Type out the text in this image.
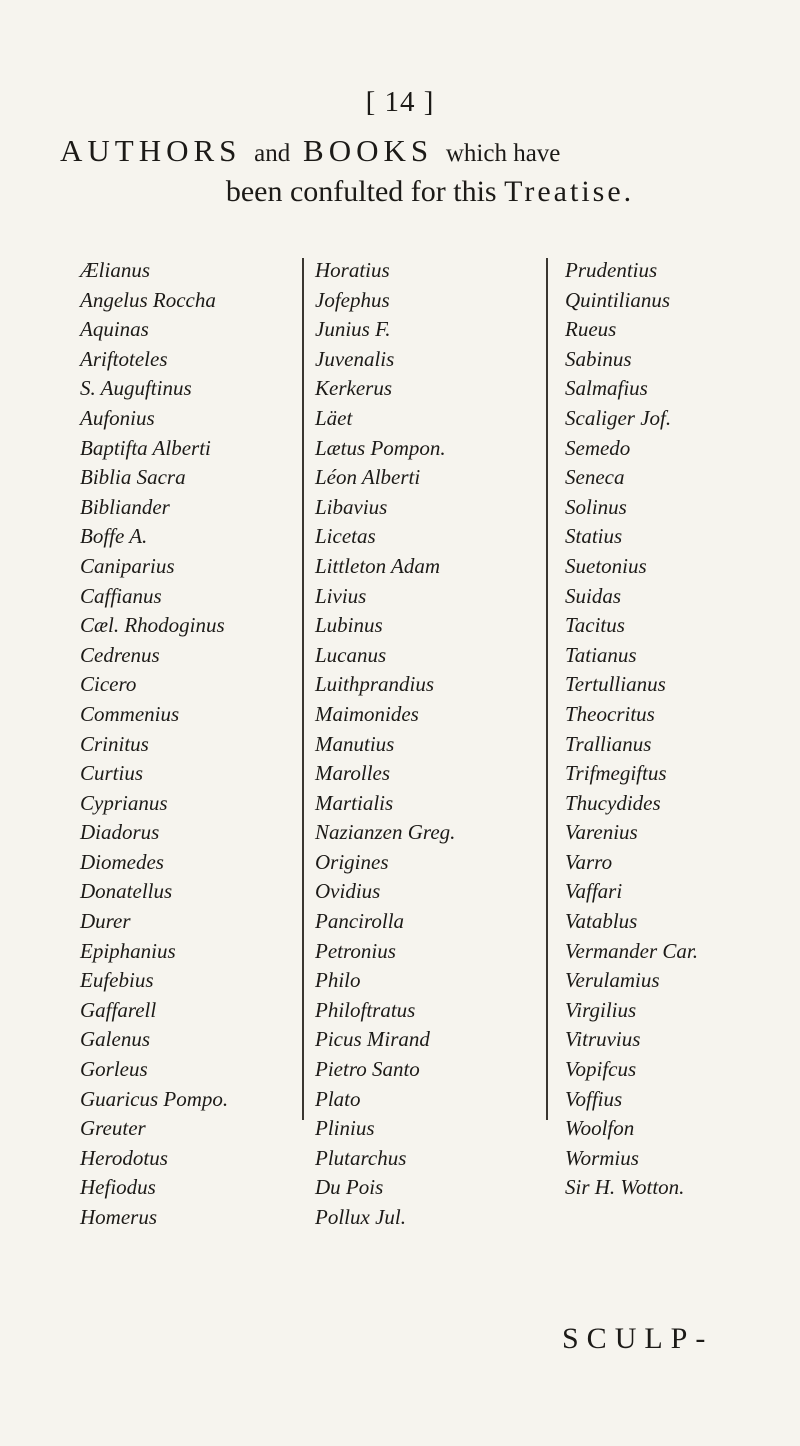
[ 14 ]
AUTHORS and BOOKS which have
been confulted for this Treatise.
Ælianus
Angelus Roccha
Aquinas
Ariftoteles
S. Auguftinus
Aufonius
Baptifta Alberti
Biblia Sacra
Bibliander
Boffe A.
Caniparius
Caffianus
Cæl. Rhodoginus
Cedrenus
Cicero
Commenius
Crinitus
Curtius
Cyprianus
Diadorus
Diomedes
Donatellus
Durer
Epiphanius
Eufebius
Gaffarell
Galenus
Gorleus
Guaricus Pompo.
Greuter
Herodotus
Hefiodus
Homerus
Horatius
Jofephus
Junius F.
Juvenalis
Kerkerus
Läet
Lætus Pompon.
Léon Alberti
Libavius
Licetas
Littleton Adam
Livius
Lubinus
Lucanus
Luithprandius
Maimonides
Manutius
Marolles
Martialis
Nazianzen Greg.
Origines
Ovidius
Pancirolla
Petronius
Philo
Philoftratus
Picus Mirand
Pietro Santo
Plato
Plinius
Plutarchus
Du Pois
Pollux Jul.
Prudentius
Quintilianus
Rueus
Sabinus
Salmafius
Scaliger Jof.
Semedo
Seneca
Solinus
Statius
Suetonius
Suidas
Tacitus
Tatianus
Tertullianus
Theocritus
Trallianus
Trifmegiftus
Thucydides
Varenius
Varro
Vaffari
Vatablus
Vermander Car.
Verulamius
Virgilius
Vitruvius
Vopifcus
Voffius
Woolfon
Wormius
Sir H. Wotton.
SCULP-
